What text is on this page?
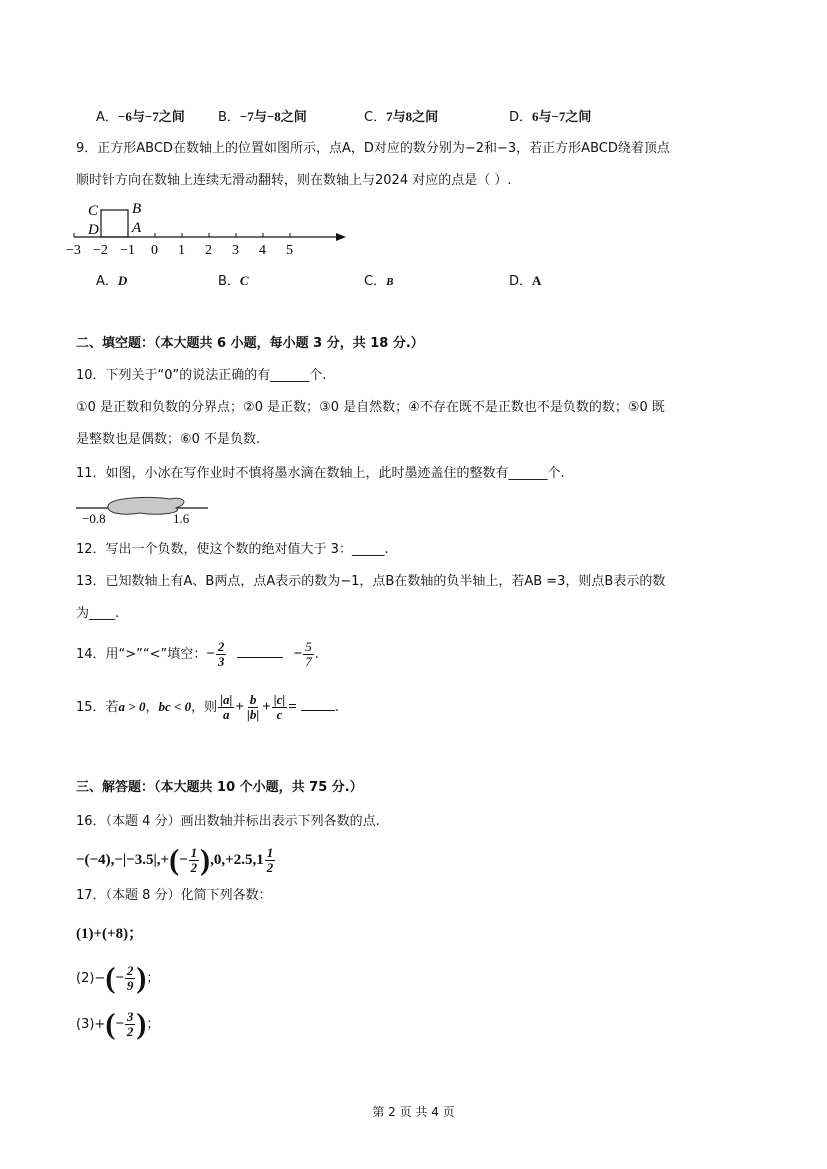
A．−6与−7之间	B．−7与−8之间	C．7与8之间	D．6与−7之间
9．正方形ABCD在数轴上的位置如图所示，点A，D对应的数分别为−2和−3，若正方形ABCD绕着顶点
顺时针方向在数轴上连续无滑动翻转，则在数轴上与2024 对应的点是（ ）.
C
D
B
A
−3 −2 −1 0 1 2 3 4 5
A．D	B．C	C．B	D．A
二、填空题：（本大题共 6 小题，每小题 3 分，共 18 分.）
10．下列关于“0”的说法正确的有______个.
①0 是正数和负数的分界点；②0 是正数；③0 是自然数；④不存在既不是正数也不是负数的数；⑤0 既
是整数也是偶数；⑥0 不是负数.
11．如图，小冰在写作业时不慎将墨水滴在数轴上，此时墨迹盖住的整数有______个.
−0.8	1.6
12．写出一个负数，使这个数的绝对值大于 3：_____.
13．已知数轴上有A、B两点，点A表示的数为−1，点B在数轴的负半轴上，若AB =3，则点B表示的数
为____.
14．用“>”“<”填空：− $\frac{2}{3}$	− $\frac{5}{7}$ .
15．若a > 0，bc < 0，则 $\frac{|a|}{a} + \frac{b}{|b|} + \frac{|c|}{c}$ =	.
三、解答题：（本大题共 10 个小题，共 75 分.）
16．（本题 4 分）画出数轴并标出表示下列各数的点.
$-(-4),-|-3.5|,+(- \frac{1}{2} ),0,+2.5,1 \frac{1}{2}$
17．（本题 8 分）化简下列各数：
(1)+(+8)；
$(2)-(- \frac{2}{9}$ )；
$(3)+(- \frac{3}{2}$ )；
第 2 页 共 4 页
